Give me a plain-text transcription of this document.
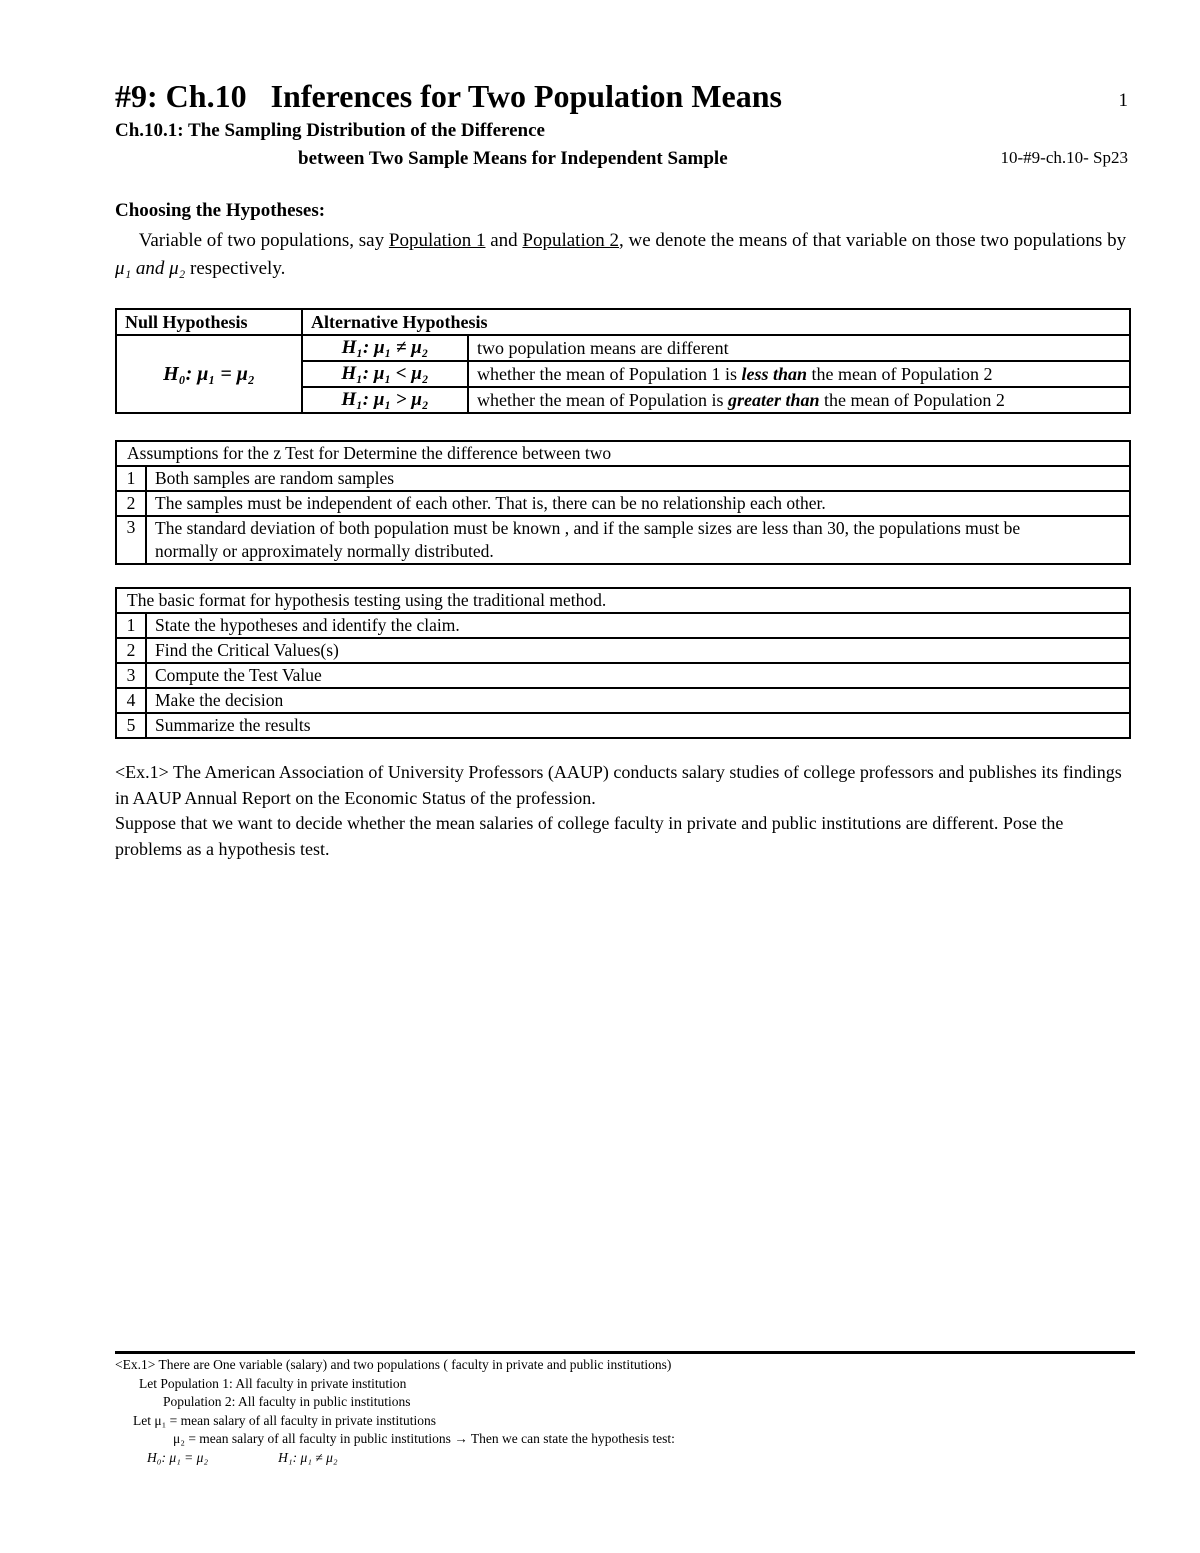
#9: Ch.10 Inferences for Two Population Means	1
Ch.10.1: The Sampling Distribution of the Difference
between Two Sample Means for Independent Sample	10-#9-ch.10- Sp23
Choosing the Hypotheses:
Variable of two populations, say Population 1 and Population 2, we denote the means of that variable on those two populations by μ₁ and μ₂ respectively.
Null Hypothesis	Alternative Hypothesis	
H₀: μ₁ = μ₂	H₁: μ₁ ≠ μ₂	two population means are different
	H₁: μ₁ < μ₂	whether the mean of Population 1 is less than the mean of Population 2
	H₁: μ₁ > μ₂	whether the mean of Population is greater than the mean of Population 2
Assumptions for the z Test for Determine the difference between two	
1	Both samples are random samples
2	The samples must be independent of each other. That is, there can be no relationship each other.
3	The standard deviation of both population must be known , and if the sample sizes are less than 30, the populations must be normally or approximately normally distributed.
The basic format for hypothesis testing using the traditional method.	
1	State the hypotheses and identify the claim.
2	Find the Critical Values(s)
3	Compute the Test Value
4	Make the decision
5	Summarize the results
<Ex.1> The American Association of University Professors (AAUP) conducts salary studies of college professors and publishes its findings in AAUP Annual Report on the Economic Status of the profession.
Suppose that we want to decide whether the mean salaries of college faculty in private and public institutions are different. Pose the problems as a hypothesis test.
<Ex.1> There are One variable (salary) and two populations ( faculty in private and public institutions)
Let Population 1: All faculty in private institution
Population 2: All faculty in public institutions
Let μ₁ = mean salary of all faculty in private institutions
μ₂ = mean salary of all faculty in public institutions → Then we can state the hypothesis test:
H₀: μ₁ = μ₂	H₁: μ₁ ≠ μ₂
